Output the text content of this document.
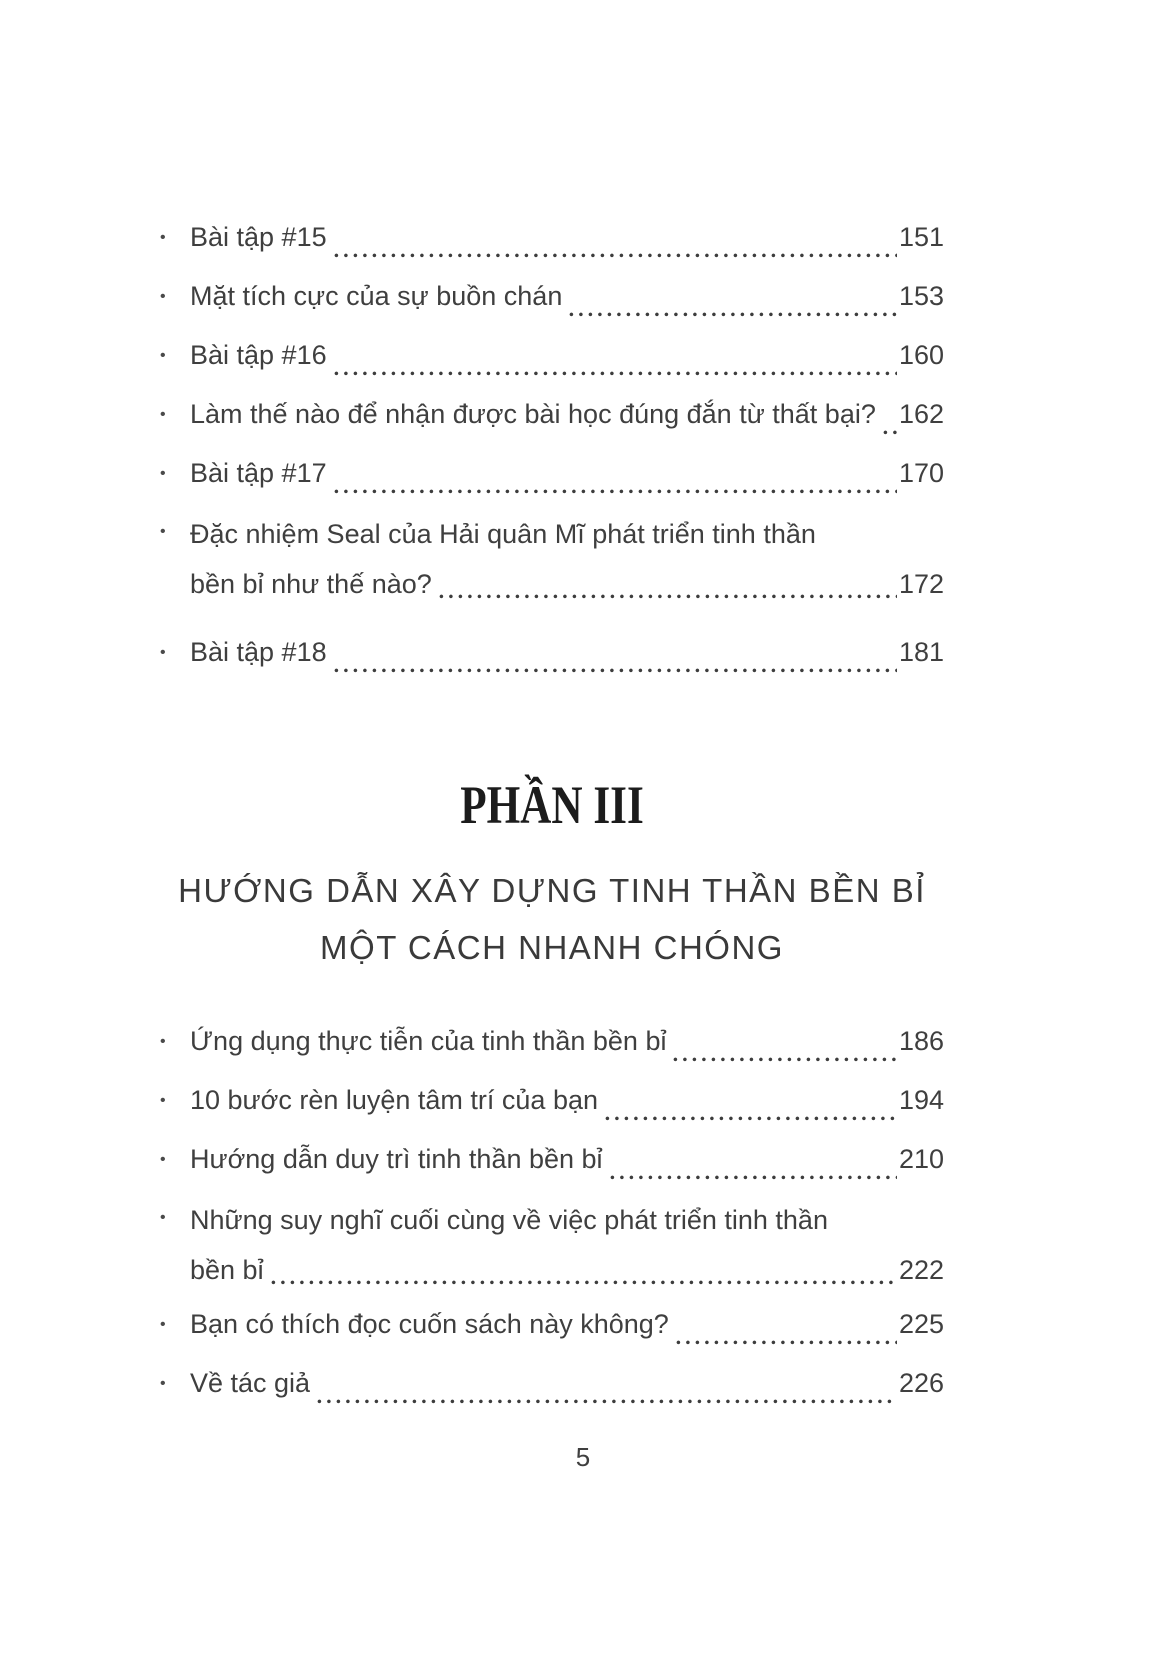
• Bài tập #15	151
• Mặt tích cực của sự buồn chán	153
• Bài tập #16	160
• Làm thế nào để nhận được bài học đúng đắn từ thất bại? 162
• Bài tập #17	170
• Đặc nhiệm Seal của Hải quân Mĩ phát triển tinh thần
bền bỉ như thế nào?	172
• Bài tập #18	181
PHẦN III
HƯỚNG DẪN XÂY DỰNG TINH THẦN BỀN BỈ
MỘT CÁCH NHANH CHÓNG
• Ứng dụng thực tiễn của tinh thần bền bỉ	186
• 10 bước rèn luyện tâm trí của bạn	194
• Hướng dẫn duy trì tinh thần bền bỉ	210
• Những suy nghĩ cuối cùng về việc phát triển tinh thần
bền bỉ	222
• Bạn có thích đọc cuốn sách này không?	225
• Về tác giả	226
5
